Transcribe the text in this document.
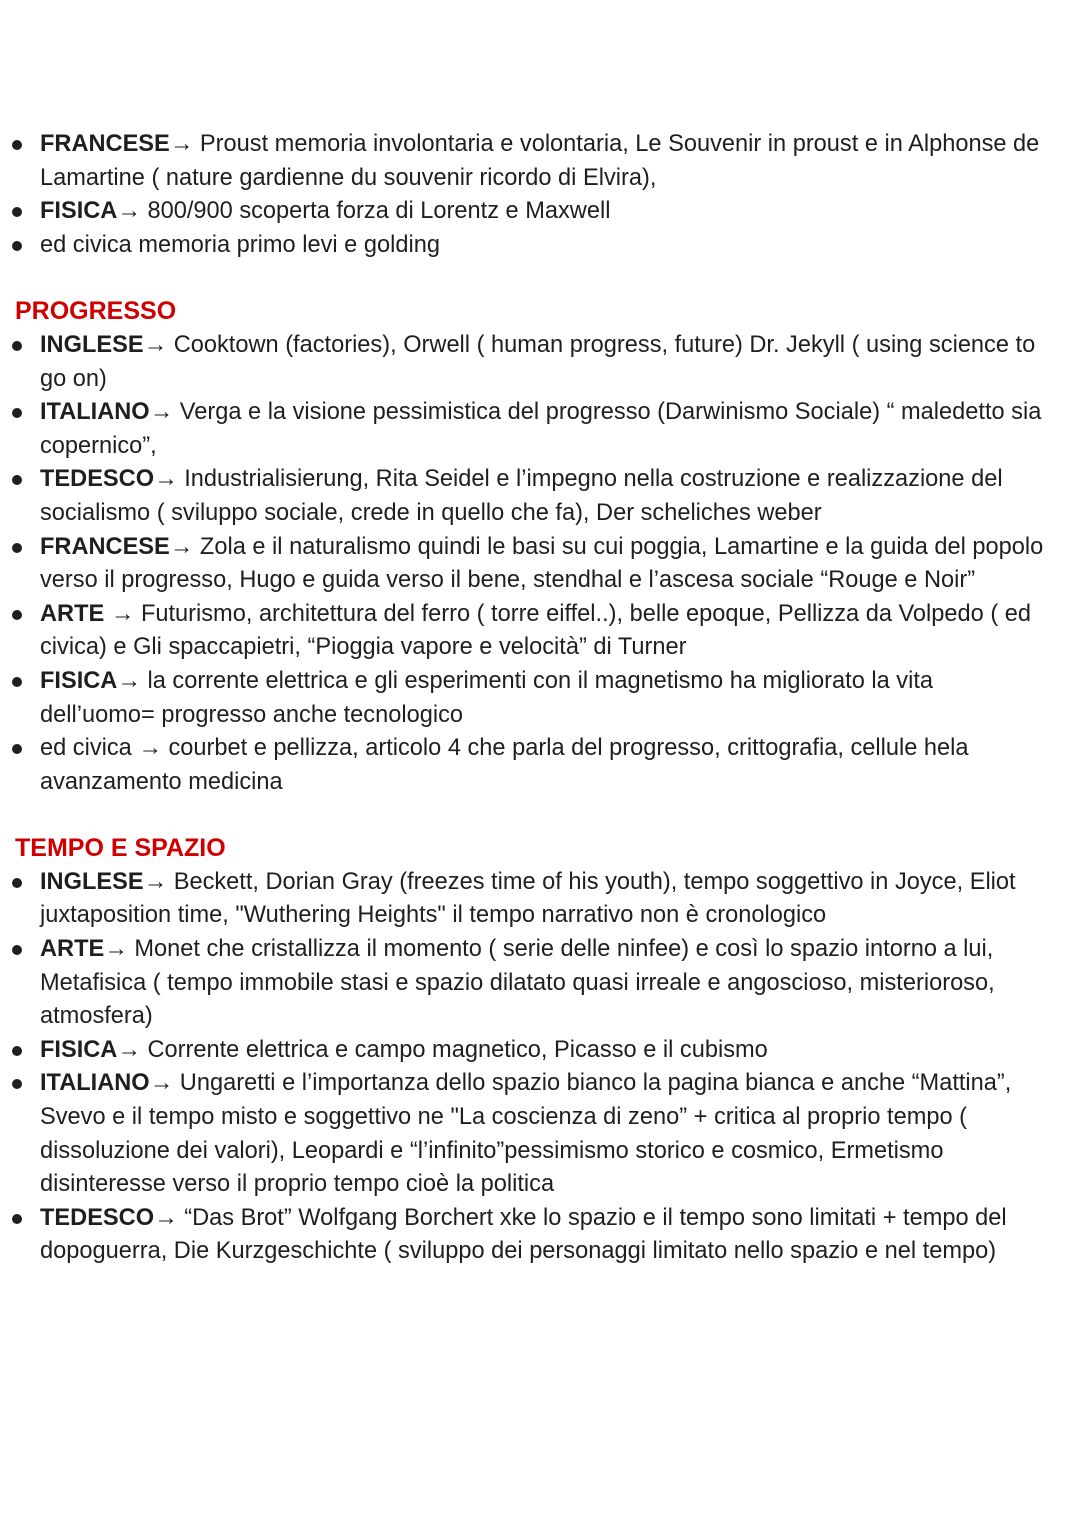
FRANCESE→ Proust memoria involontaria e volontaria, Le Souvenir in proust e in Alphonse de Lamartine ( nature gardienne du souvenir ricordo di Elvira),
FISICA→ 800/900 scoperta forza di Lorentz e Maxwell
ed civica memoria primo levi e golding
PROGRESSO
INGLESE→ Cooktown (factories), Orwell ( human progress, future) Dr. Jekyll ( using science to go on)
ITALIANO→ Verga e la visione pessimistica del progresso (Darwinismo Sociale) “ maledetto sia copernico”,
TEDESCO→ Industrialisierung, Rita Seidel e l’impegno nella costruzione e realizzazione del socialismo ( sviluppo sociale, crede in quello che fa), Der scheliches weber
FRANCESE→ Zola e il naturalismo quindi le basi su cui poggia, Lamartine e la guida del popolo verso il progresso, Hugo e guida verso il bene, stendhal e l’ascesa sociale “Rouge e Noir”
ARTE → Futurismo, architettura del ferro ( torre eiffel..), belle epoque, Pellizza da Volpedo ( ed civica) e Gli spaccapietri, “Pioggia vapore e velocità” di Turner
FISICA→ la corrente elettrica e gli esperimenti con il magnetismo ha migliorato la vita dell’uomo= progresso anche tecnologico
ed civica → courbet e pellizza, articolo 4 che parla del progresso, crittografia, cellule hela avanzamento medicina
TEMPO E SPAZIO
INGLESE→ Beckett, Dorian Gray (freezes time of his youth), tempo soggettivo in Joyce, Eliot juxtaposition time, "Wuthering Heights" il tempo narrativo non è cronologico
ARTE→ Monet che cristallizza il momento ( serie delle ninfee) e così lo spazio intorno a lui, Metafisica ( tempo immobile stasi e spazio dilatato quasi irreale e angoscioso, misterioroso, atmosfera)
FISICA→ Corrente elettrica e campo magnetico, Picasso e il cubismo
ITALIANO→ Ungaretti e l’importanza dello spazio bianco la pagina bianca e anche “Mattina”, Svevo e il tempo misto e soggettivo ne "La coscienza di zeno” + critica al proprio tempo ( dissoluzione dei valori), Leopardi e “l’infinito”pessimismo storico e cosmico, Ermetismo disinteresse verso il proprio tempo cioè la politica
TEDESCO→ “Das Brot” Wolfgang Borchert xke lo spazio e il tempo sono limitati + tempo del dopoguerra, Die Kurzgeschichte ( sviluppo dei personaggi limitato nello spazio e nel tempo)
